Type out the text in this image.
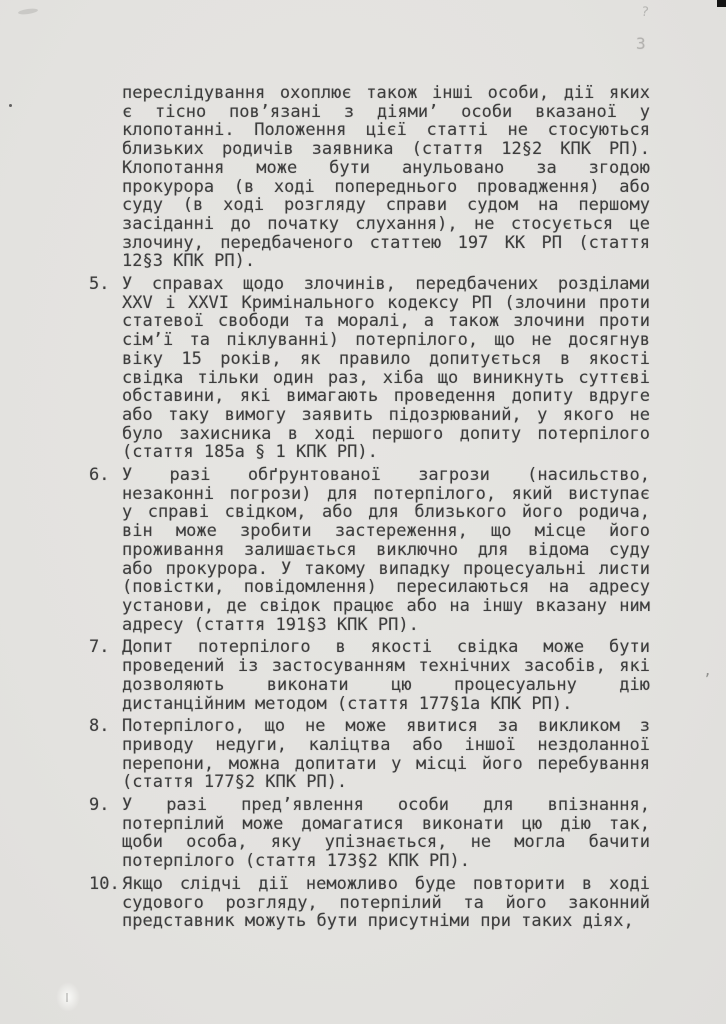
?
3
’
переслідування охоплює також інші особи, дії яких
є тісно пов’язані з діями’ особи вказаної у
клопотанні. Положення цієї статті не стосуються
близьких родичів заявника (стаття 12§2 КПК РП).
Клопотання може бути анульовано за згодою
прокурора (в ході попереднього провадження) або
суду (в ході розгляду справи судом на першому
засіданні до початку слухання), не стосується це
злочину, передбаченого статтею 197 КК РП (стаття
12§3 КПК РП).
5. У справах щодо злочинів, передбачених розділами
XXV і XXVI Кримінального кодексу РП (злочини проти
статевої свободи та моралі, а також злочини проти
сім’ї та піклуванні) потерпілого, що не досягнув
віку 15 років, як правило допитується в якості
свідка тільки один раз, хіба що виникнуть суттєві
обставини, які вимагають проведення допиту вдруге
або таку вимогу заявить підозрюваний, у якого не
було захисника в ході першого допиту потерпілого
(стаття 185а § 1 КПК РП).
6. У разі обґрунтованої загрози (насильство,
незаконні погрози) для потерпілого, який виступає
у справі свідком, або для близького його родича,
він може зробити застереження, що місце його
проживання залишається виключно для відома суду
або прокурора. У такому випадку процесуальні листи
(повістки, повідомлення) пересилаються на адресу
установи, де свідок працює або на іншу вказану ним
адресу (стаття 191§3 КПК РП).
7. Допит потерпілого в якості свідка може бути
проведений із застосуванням технічних засобів, які
дозволяють виконати цю процесуальну дію
дистанційним методом (стаття 177§1а КПК РП).
8. Потерпілого, що не може явитися за викликом з
приводу недуги, каліцтва або іншої нездоланної
перепони, можна допитати у місці його перебування
(стаття 177§2 КПК РП).
9. У разі пред’явлення особи для впізнання,
потерпілий може домагатися виконати цю дію так,
щоби особа, яку упізнається, не могла бачити
потерпілого (стаття 173§2 КПК РП).
10. Якщо слідчі дії неможливо буде повторити в ході
судового розгляду, потерпілий та його законний
представник можуть бути присутніми при таких діях,
